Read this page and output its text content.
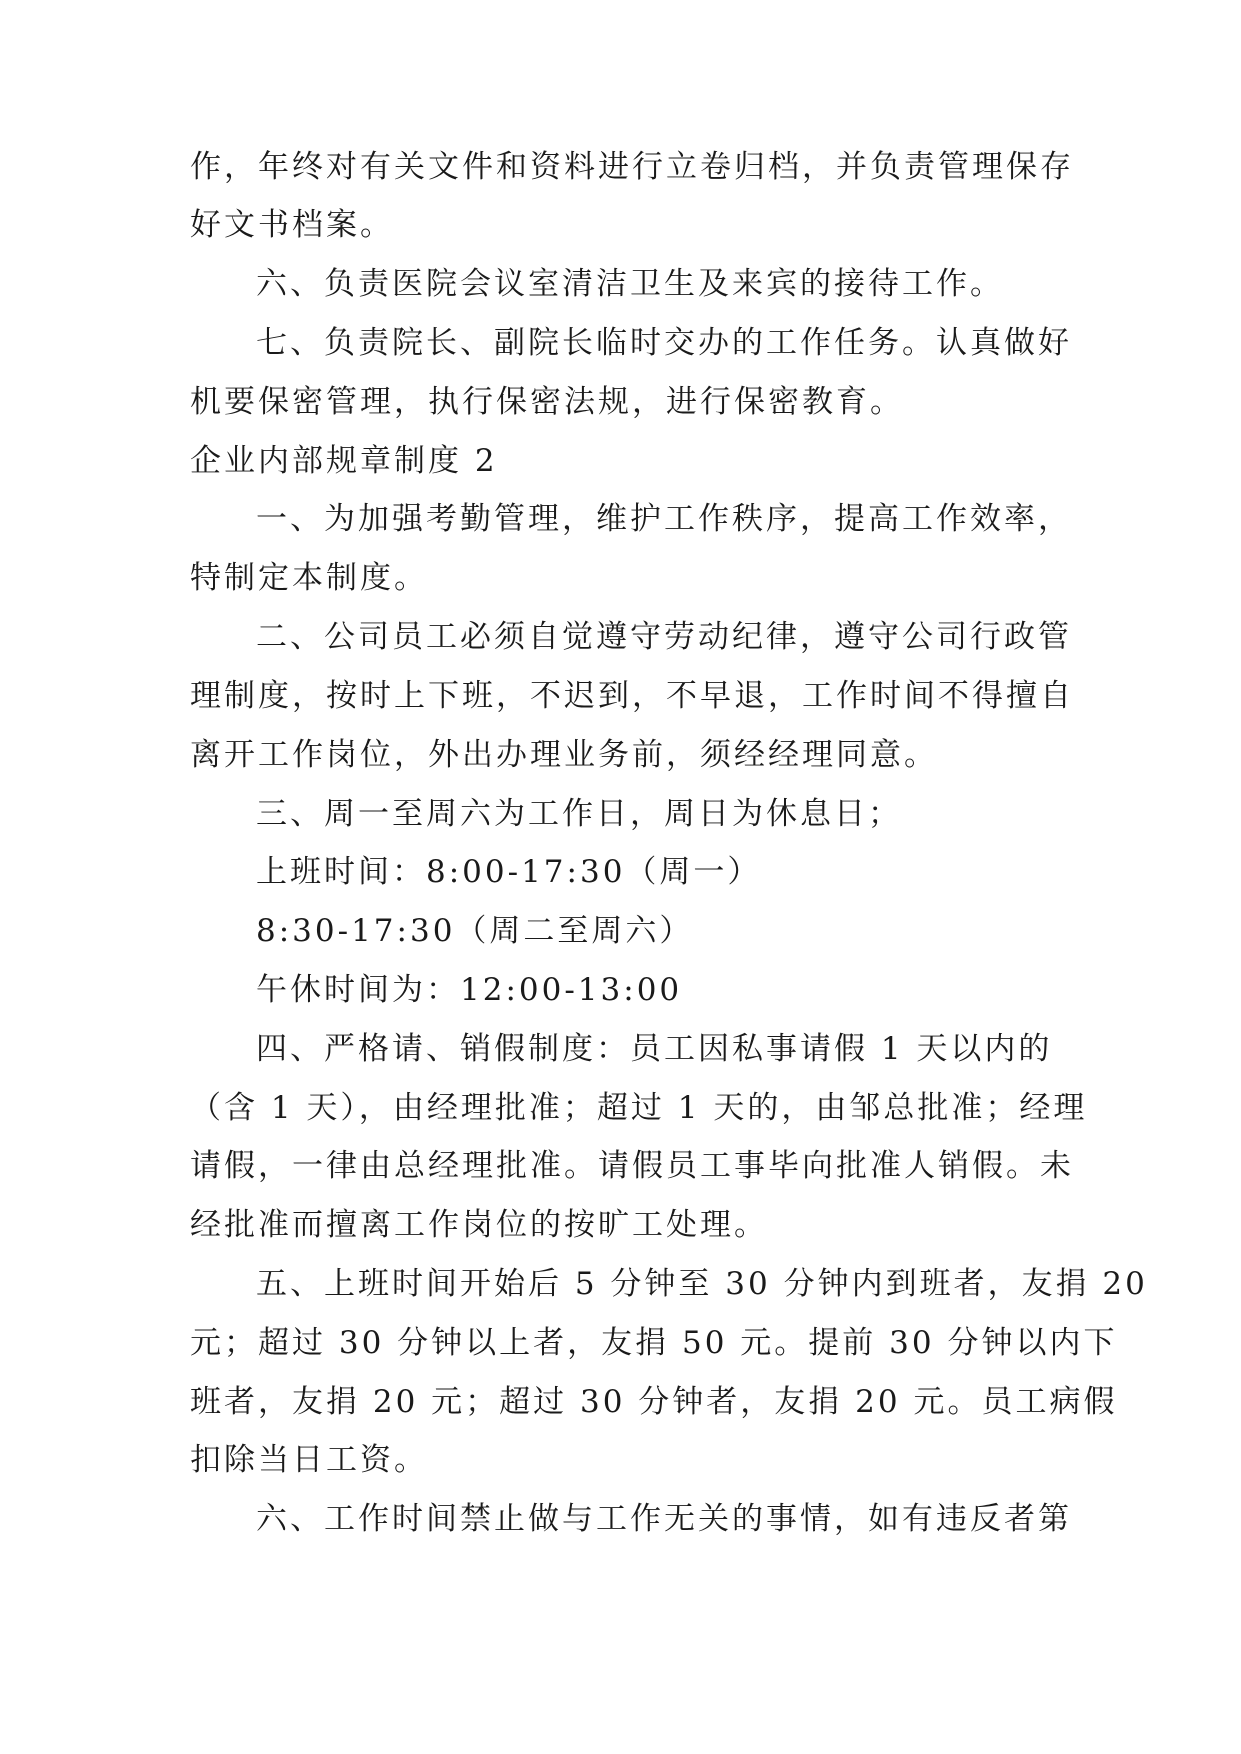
作，年终对有关文件和资料进行立卷归档，并负责管理保存
好文书档案。
六、负责医院会议室清洁卫生及来宾的接待工作。
七、负责院长、副院长临时交办的工作任务。认真做好
机要保密管理，执行保密法规，进行保密教育。
企业内部规章制度 2
一、为加强考勤管理，维护工作秩序，提高工作效率，
特制定本制度。
二、公司员工必须自觉遵守劳动纪律，遵守公司行政管
理制度，按时上下班，不迟到，不早退，工作时间不得擅自
离开工作岗位，外出办理业务前，须经经理同意。
三、周一至周六为工作日，周日为休息日；
上班时间：8:00-17:30（周一）
8:30-17:30（周二至周六）
午休时间为：12:00-13:00
四、严格请、销假制度：员工因私事请假 1 天以内的
（含 1 天），由经理批准；超过 1 天的，由邹总批准；经理
请假，一律由总经理批准。请假员工事毕向批准人销假。未
经批准而擅离工作岗位的按旷工处理。
五、上班时间开始后 5 分钟至 30 分钟内到班者，友捐 20
元；超过 30 分钟以上者，友捐 50 元。提前 30 分钟以内下
班者，友捐 20 元；超过 30 分钟者，友捐 20 元。员工病假
扣除当日工资。
六、工作时间禁止做与工作无关的事情，如有违反者第
